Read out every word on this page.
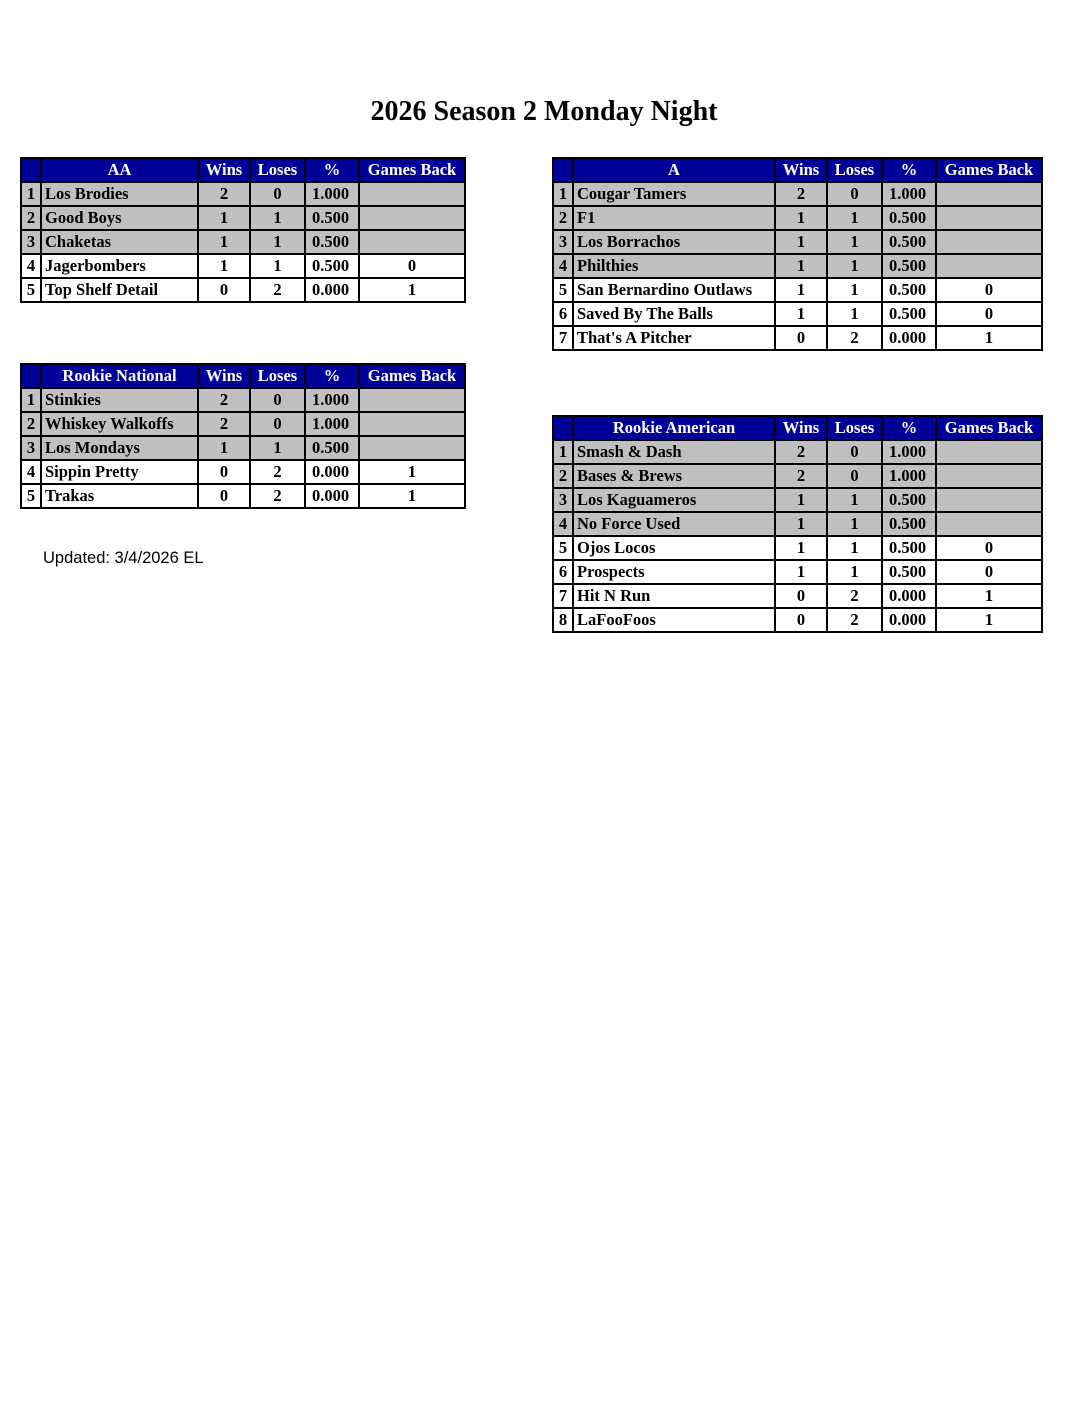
2026 Season 2 Monday Night
	AA	Wins	Loses	%	Games Back
1	Los Brodies	2	0	1.000	
2	Good Boys	1	1	0.500	
3	Chaketas	1	1	0.500	
4	Jagerbombers	1	1	0.500	0
5	Top Shelf Detail	0	2	0.000	1
	A	Wins	Loses	%	Games Back
1	Cougar Tamers	2	0	1.000	
2	F1	1	1	0.500	
3	Los Borrachos	1	1	0.500	
4	Philthies	1	1	0.500	
5	San Bernardino Outlaws	1	1	0.500	0
6	Saved By The Balls	1	1	0.500	0
7	That's A Pitcher	0	2	0.000	1
	Rookie National	Wins	Loses	%	Games Back
1	Stinkies	2	0	1.000	
2	Whiskey Walkoffs	2	0	1.000	
3	Los Mondays	1	1	0.500	
4	Sippin Pretty	0	2	0.000	1
5	Trakas	0	2	0.000	1
	Rookie American	Wins	Loses	%	Games Back
1	Smash & Dash	2	0	1.000	
2	Bases & Brews	2	0	1.000	
3	Los Kaguameros	1	1	0.500	
4	No Force Used	1	1	0.500	
5	Ojos Locos	1	1	0.500	0
6	Prospects	1	1	0.500	0
7	Hit N Run	0	2	0.000	1
8	LaFooFoos	0	2	0.000	1
Updated: 3/4/2026 EL
